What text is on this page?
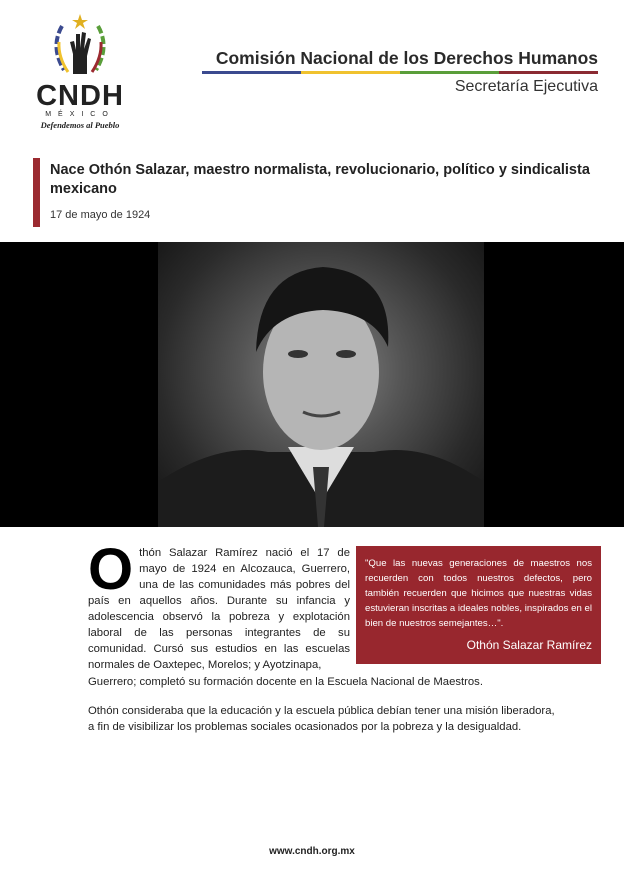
CNDH
MÉXICO
Defendemos al Pueblo
Comisión Nacional de los Derechos Humanos
Secretaría Ejecutiva
Nace Othón Salazar, maestro normalista, revolucionario, político y sindicalista mexicano
17 de mayo de 1924
Othón Salazar Ramírez nació el 17 de mayo de 1924 en Alcozauca, Guerrero, una de las comunidades más pobres del país en aquellos años. Durante su infancia y adolescencia observó la pobreza y explotación laboral de las personas integrantes de su comunidad. Cursó sus estudios en las escuelas normales de Oaxtepec, Morelos; y Ayotzinapa,
Guerrero; completó su formación docente en la Escuela Nacional de Maestros.
Othón consideraba que la educación y la escuela pública debían tener una misión liberadora, a fin de visibilizar los problemas sociales ocasionados por la pobreza y la desigualdad.
"Que las nuevas generaciones de maestros nos recuerden con todos nuestros defectos, pero también recuerden que hicimos que nuestras vidas estuvieran inscritas a ideales nobles, inspirados en el bien de nuestros semejantes…".
Othón Salazar Ramírez
www.cndh.org.mx
